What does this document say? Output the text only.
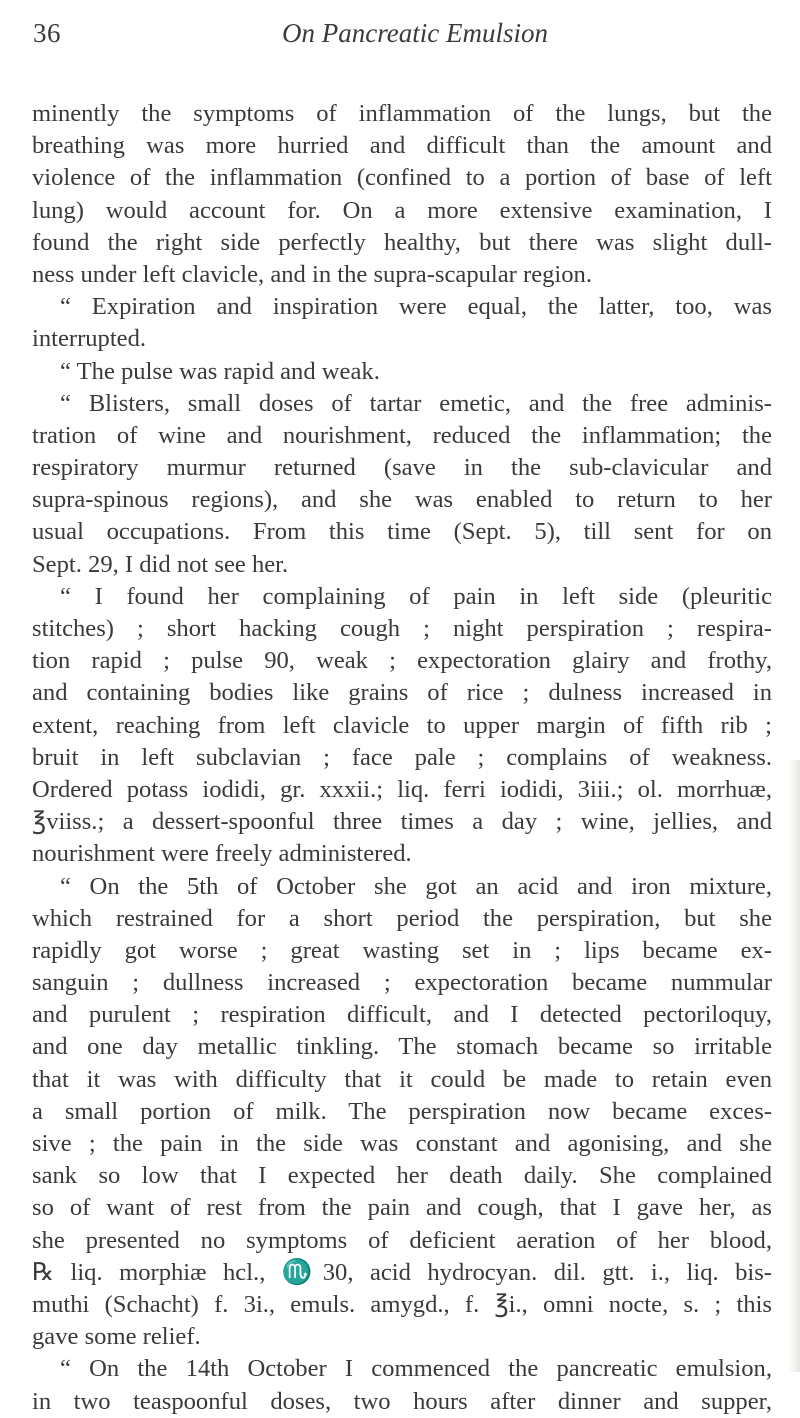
36	On Pancreatic Emulsion
minently the symptoms of inflammation of the lungs, but the
breathing was more hurried and difficult than the amount and
violence of the inflammation (confined to a portion of base of left
lung) would account for. On a more extensive examination, I
found the right side perfectly healthy, but there was slight dull-
ness under left clavicle, and in the supra-scapular region.
“ Expiration and inspiration were equal, the latter, too, was
interrupted.
“ The pulse was rapid and weak.
“ Blisters, small doses of tartar emetic, and the free adminis-
tration of wine and nourishment, reduced the inflammation; the
respiratory murmur returned (save in the sub-clavicular and
supra-spinous regions), and she was enabled to return to her
usual occupations. From this time (Sept. 5), till sent for on
Sept. 29, I did not see her.
“ I found her complaining of pain in left side (pleuritic
stitches) ; short hacking cough ; night perspiration ; respira-
tion rapid ; pulse 90, weak ; expectoration glairy and frothy,
and containing bodies like grains of rice ; dulness increased in
extent, reaching from left clavicle to upper margin of fifth rib ;
bruit in left subclavian ; face pale ; complains of weakness.
Ordered potass iodidi, gr. xxxii.; liq. ferri iodidi, 3iii.; ol. morrhuæ,
℥viiss.; a dessert-spoonful three times a day ; wine, jellies, and
nourishment were freely administered.
“ On the 5th of October she got an acid and iron mixture,
which restrained for a short period the perspiration, but she
rapidly got worse ; great wasting set in ; lips became ex-
sanguin ; dullness increased ; expectoration became nummular
and purulent ; respiration difficult, and I detected pectoriloquy,
and one day metallic tinkling. The stomach became so irritable
that it was with difficulty that it could be made to retain even
a small portion of milk. The perspiration now became exces-
sive ; the pain in the side was constant and agonising, and she
sank so low that I expected her death daily. She complained
so of want of rest from the pain and cough, that I gave her, as
she presented no symptoms of deficient aeration of her blood,
℞ liq. morphiæ hcl., ♏30, acid hydrocyan. dil. gtt. i., liq. bis-
muthi (Schacht) f. 3i., emuls. amygd., f. ℥i., omni nocte, s. ; this
gave some relief.
“ On the 14th October I commenced the pancreatic emulsion,
in two teaspoonful doses, two hours after dinner and supper,
